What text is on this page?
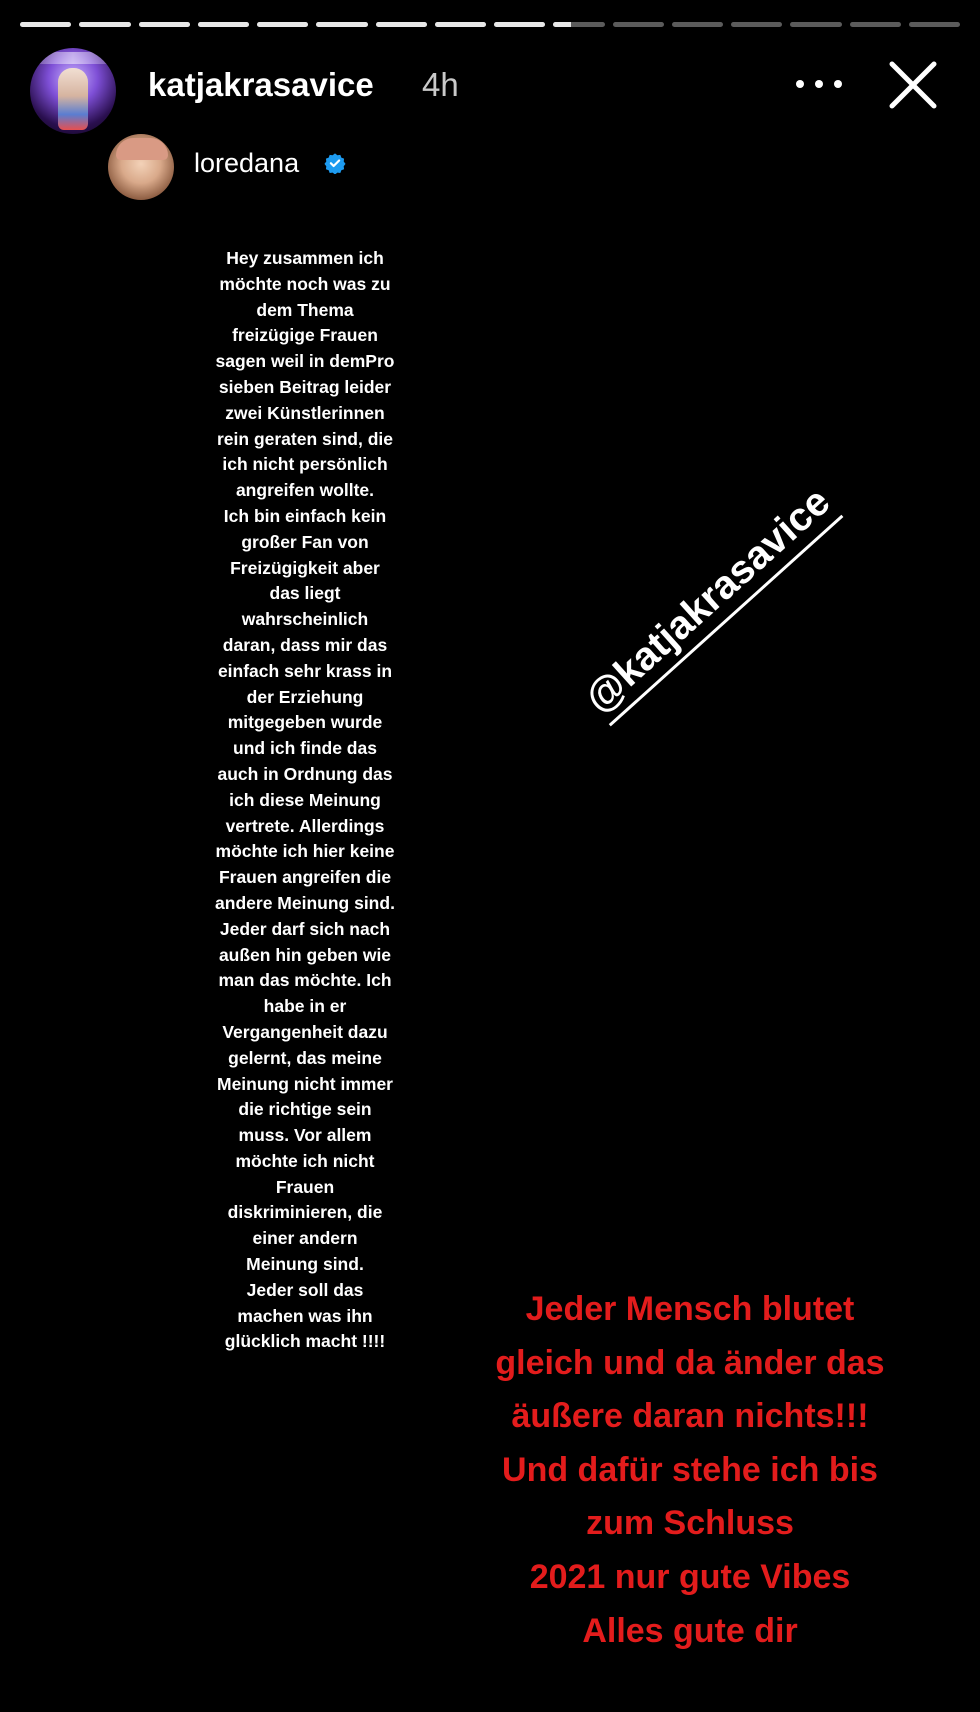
katjakrasavice 4h
loredana
Hey zusammen ich
möchte noch was zu
dem Thema
freizügige Frauen
sagen weil in demPro
sieben Beitrag leider
zwei Künstlerinnen
rein geraten sind, die
ich nicht persönlich
angreifen wollte.
Ich bin einfach kein
großer Fan von
Freizügigkeit aber
das liegt
wahrscheinlich
daran, dass mir das
einfach sehr krass in
der Erziehung
mitgegeben wurde
und ich finde das
auch in Ordnung das
ich diese Meinung
vertrete. Allerdings
möchte ich hier keine
Frauen angreifen die
andere Meinung sind.
Jeder darf sich nach
außen hin geben wie
man das möchte. Ich
habe in er
Vergangenheit dazu
gelernt, das meine
Meinung nicht immer
die richtige sein
muss. Vor allem
möchte ich nicht
Frauen
diskriminieren, die
einer andern
Meinung sind.
Jeder soll das
machen was ihn
glücklich macht !!!!
@katjakrasavice
Jeder Mensch blutet
gleich und da änder das
äußere daran nichts!!!
Und dafür stehe ich bis
zum Schluss
2021 nur gute Vibes
Alles gute dir
